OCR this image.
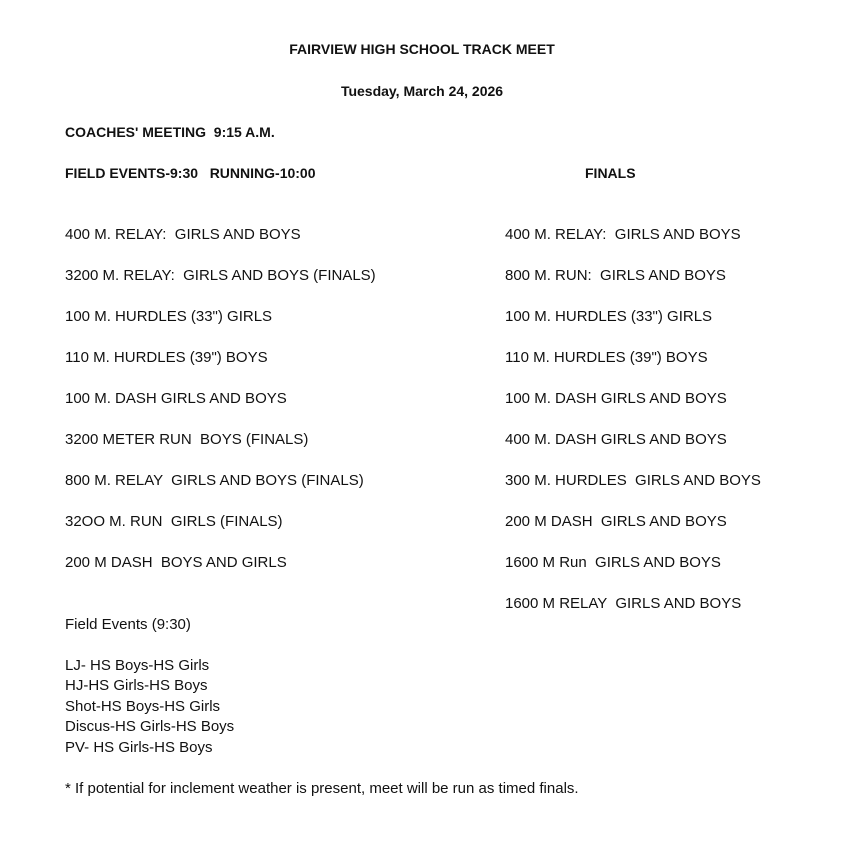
FAIRVIEW HIGH SCHOOL TRACK MEET
Tuesday, March 24, 2026
COACHES' MEETING  9:15 A.M.
FIELD EVENTS-9:30   RUNNING-10:00	FINALS
400 M. RELAY:  GIRLS AND BOYS
3200 M. RELAY:  GIRLS AND BOYS (FINALS)
100 M. HURDLES (33") GIRLS
110 M. HURDLES (39") BOYS
100 M. DASH GIRLS AND BOYS
3200 METER RUN  BOYS (FINALS)
800 M. RELAY  GIRLS AND BOYS (FINALS)
32OO M. RUN  GIRLS (FINALS)
200 M DASH  BOYS AND GIRLS
400 M. RELAY:  GIRLS AND BOYS
800 M. RUN:  GIRLS AND BOYS
100 M. HURDLES (33") GIRLS
110 M. HURDLES (39") BOYS
100 M. DASH GIRLS AND BOYS
400 M. DASH GIRLS AND BOYS
300 M. HURDLES  GIRLS AND BOYS
200 M DASH  GIRLS AND BOYS
1600 M Run  GIRLS AND BOYS
1600 M RELAY  GIRLS AND BOYS
Field Events (9:30)
LJ- HS Boys-HS Girls
HJ-HS Girls-HS Boys
Shot-HS Boys-HS Girls
Discus-HS Girls-HS Boys
PV- HS Girls-HS Boys
* If potential for inclement weather is present, meet will be run as timed finals.
